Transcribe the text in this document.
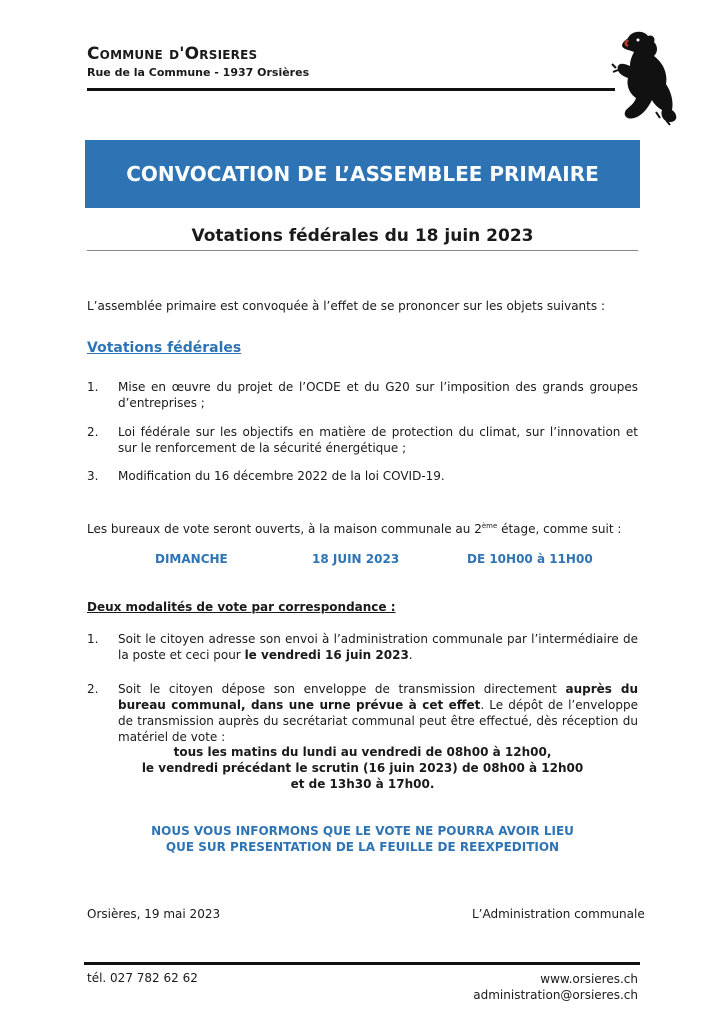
Commune d'Orsieres
Rue de la Commune - 1937 Orsières
CONVOCATION DE L’ASSEMBLEE PRIMAIRE
Votations fédérales du 18 juin 2023
L’assemblée primaire est convoquée à l’effet de se prononcer sur les objets suivants :
Votations fédérales
1. Mise en œuvre du projet de l’OCDE et du G20 sur l’imposition des grands groupes d’entreprises ;
2. Loi fédérale sur les objectifs en matière de protection du climat, sur l’innovation et sur le renforcement de la sécurité énergétique ;
3. Modification du 16 décembre 2022 de la loi COVID-19.
Les bureaux de vote seront ouverts, à la maison communale au 2ème étage, comme suit :
DIMANCHE	18 JUIN 2023	DE 10H00 à 11H00
Deux modalités de vote par correspondance :
1. Soit le citoyen adresse son envoi à l’administration communale par l’intermédiaire de la poste et ceci pour le vendredi 16 juin 2023.
2. Soit le citoyen dépose son enveloppe de transmission directement auprès du bureau communal, dans une urne prévue à cet effet. Le dépôt de l’enveloppe de transmission auprès du secrétariat communal peut être effectué, dès réception du matériel de vote :
tous les matins du lundi au vendredi de 08h00 à 12h00,
le vendredi précédant le scrutin (16 juin 2023) de 08h00 à 12h00
et de 13h30 à 17h00.
NOUS VOUS INFORMONS QUE LE VOTE NE POURRA AVOIR LIEU
QUE SUR PRESENTATION DE LA FEUILLE DE REEXPEDITION
Orsières, 19 mai 2023	L’Administration communale
tél. 027 782 62 62	www.orsieres.ch
administration@orsieres.ch
